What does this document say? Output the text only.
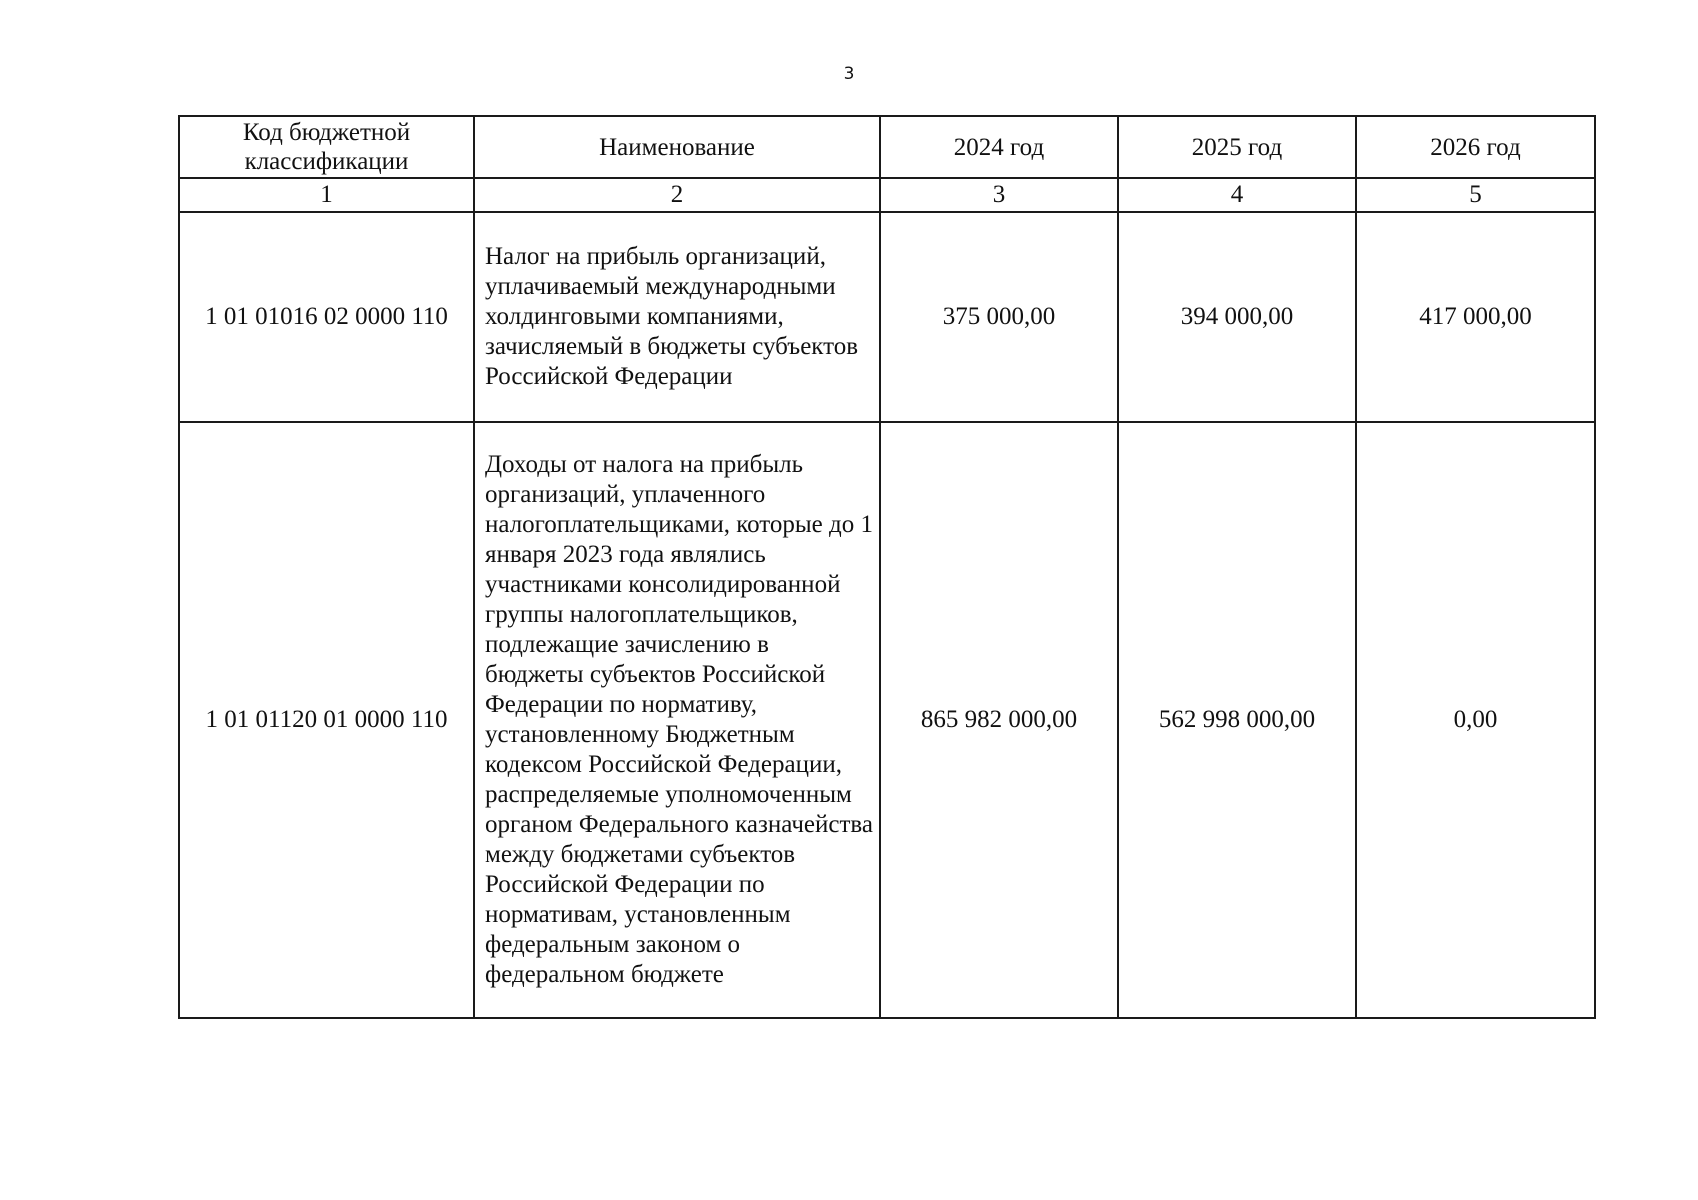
3
Код бюджетной классификации	Наименование	2024 год	2025 год	2026 год
1	2	3	4	5
1 01 01016 02 0000 110	Налог на прибыль организаций, уплачиваемый международными холдинговыми компаниями, зачисляемый в бюджеты субъектов Российской Федерации	375 000,00	394 000,00	417 000,00
1 01 01120 01 0000 110	Доходы от налога на прибыль организаций, уплаченного налогоплательщиками, которые до 1 января 2023 года являлись участниками консолидированной группы налогоплательщиков, подлежащие зачислению в бюджеты субъектов Российской Федерации по нормативу, установленному Бюджетным кодексом Российской Федерации, распределяемые уполномоченным органом Федерального казначейства между бюджетами субъектов Российской Федерации по нормативам, установленным федеральным законом о федеральном бюджете	865 982 000,00	562 998 000,00	0,00
